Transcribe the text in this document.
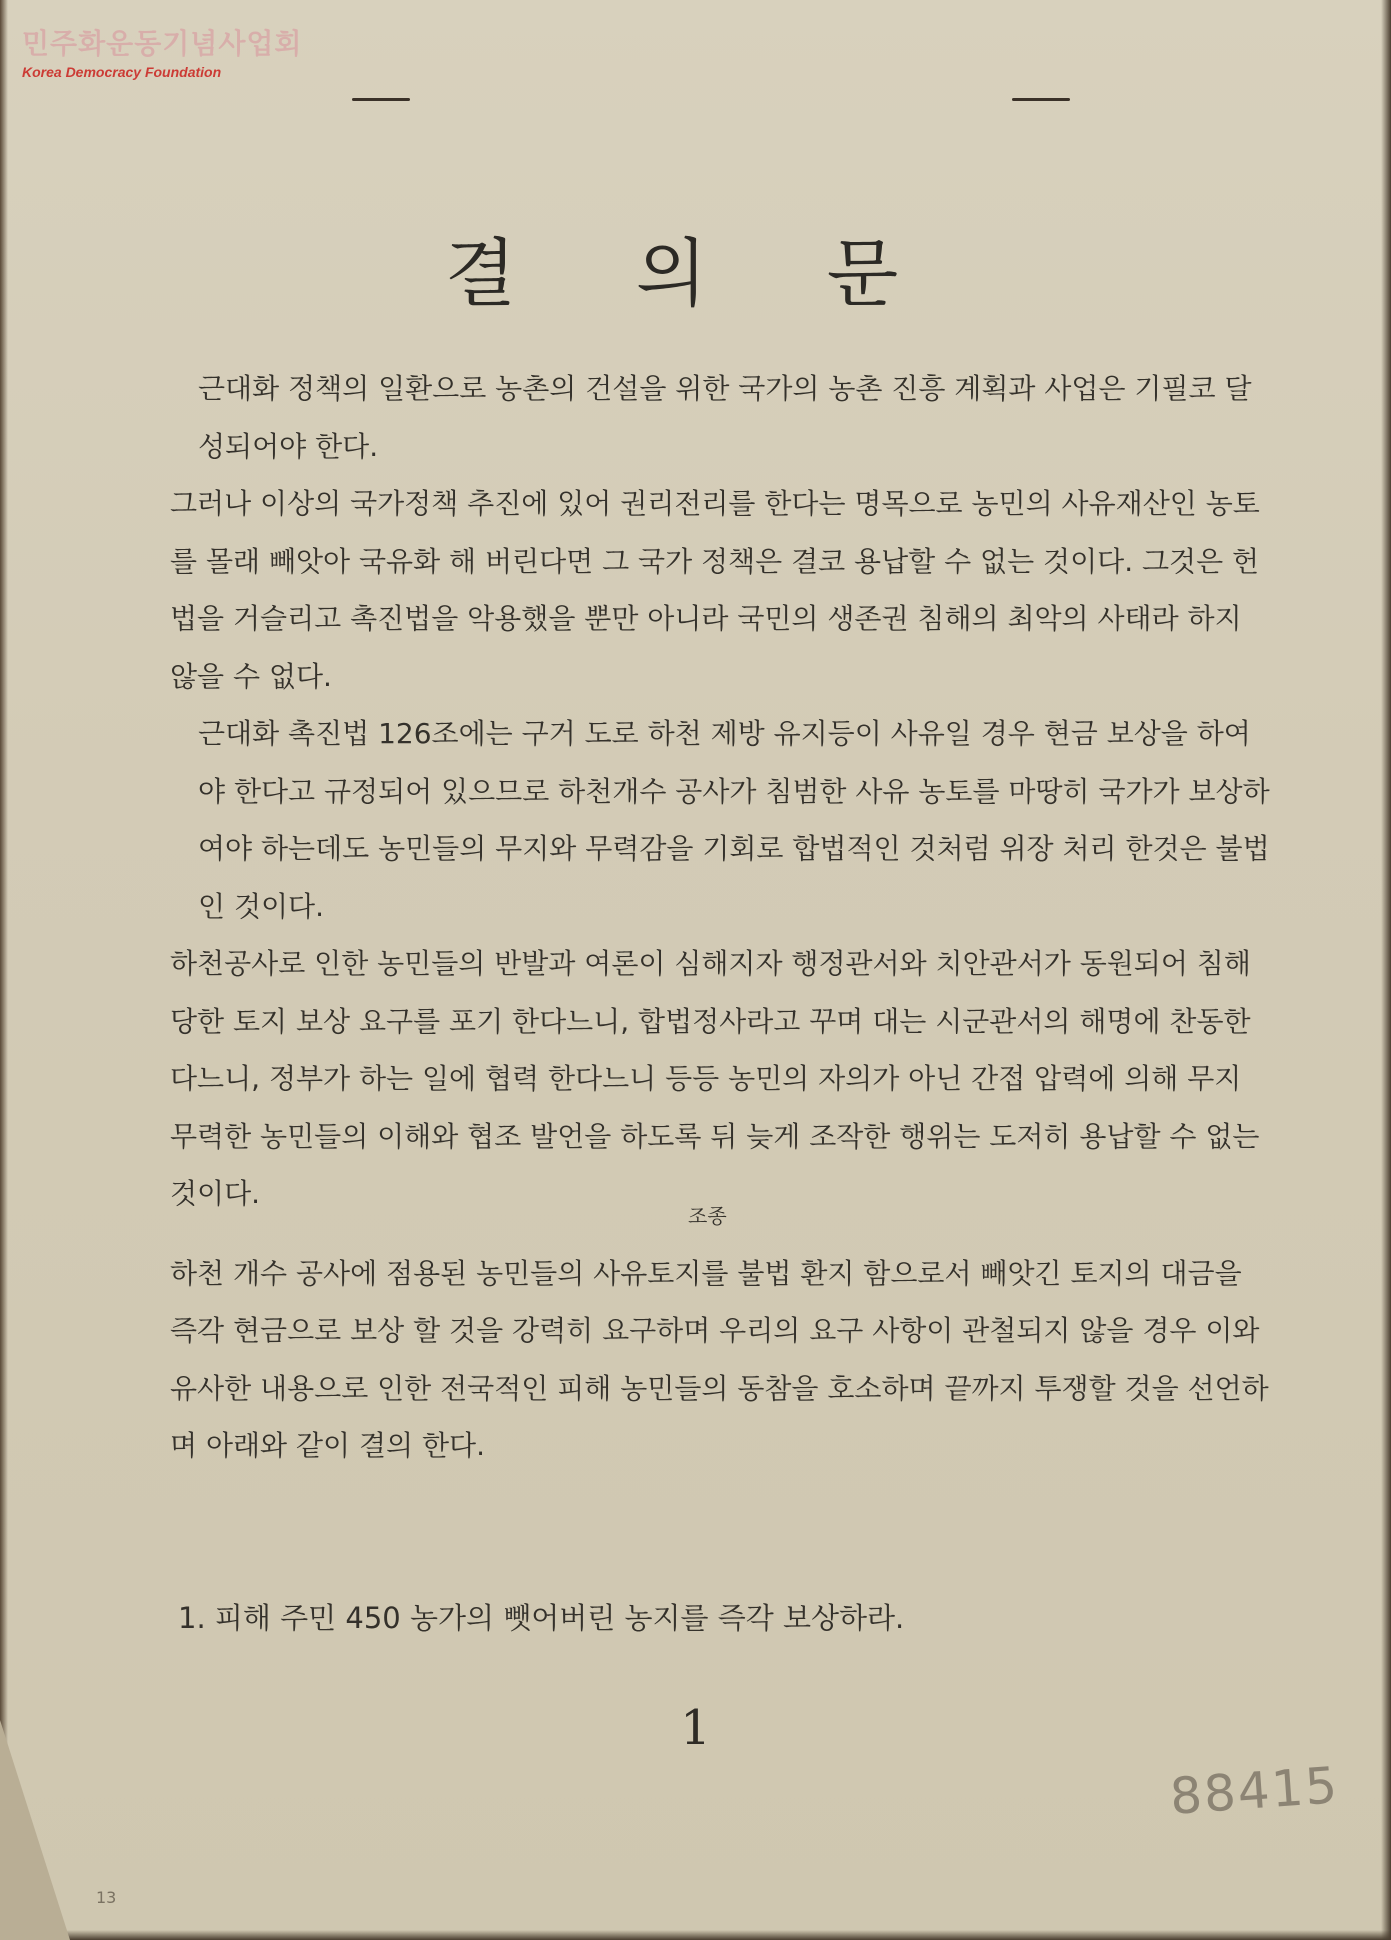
민주화운동기념사업회
Korea Democracy Foundation
결 의 문

근대화 정책의 일환으로 농촌의 건설을 위한 국가의 농촌 진흥 계획과 사업은 기필코 달성되어야 한다.

그러나 이상의 국가정책 추진에 있어 권리전리를 한다는 명목으로 농민의 사유재산인 농토를 몰래 빼앗아 국유화 해 버린다면 그 국가 정책은 결코 용납할 수 없는 것이다. 그것은 헌법을 거슬리고 촉진법을 악용했을 뿐만 아니라 국민의 생존권 침해의 최악의 사태라 하지 않을 수 없다.

근대화 촉진법 126조에는 구거 도로 하천 제방 유지등이 사유일 경우 현금 보상을 하여야 한다고 규정되어 있으므로 하천개수 공사가 침범한 사유 농토를 마땅히 국가가 보상하여야 하는데도 농민들의 무지와 무력감을 기회로 합법적인 것처럼 위장 처리 한것은 불법인 것이다.

하천공사로 인한 농민들의 반발과 여론이 심해지자 행정관서와 치안관서가 동원되어 침해 당한 토지 보상 요구를 포기 한다느니, 합법정사라고 꾸며 대는 시군관서의 해명에 찬동한다느니, 정부가 하는 일에 협력 한다느니 등등 농민의 자의가 아닌 간접 압력에 의해 무지 무력한 농민들의 이해와 협조 발언을 하도록 뒤 늦게 조작한 행위는 도저히 용납할 수 없는 것이다.

하천 개수 공사에 점용된 농민들의 사유토지를 불법 환지 함으로서 빼앗긴 토지의 대금을 즉각 현금으로 보상 할 것을 강력히 요구하며 우리의 요구 사항이 관철되지 않을 경우 이와 유사한 내용으로 인한 전국적인 피해 농민들의 동참을 호소하며 끝까지 투쟁할 것을 선언하며 아래와 같이 결의 한다.

조종
1. 피해 주민 450 농가의 뺏어버린 농지를 즉각 보상하라.
1
88415
13
